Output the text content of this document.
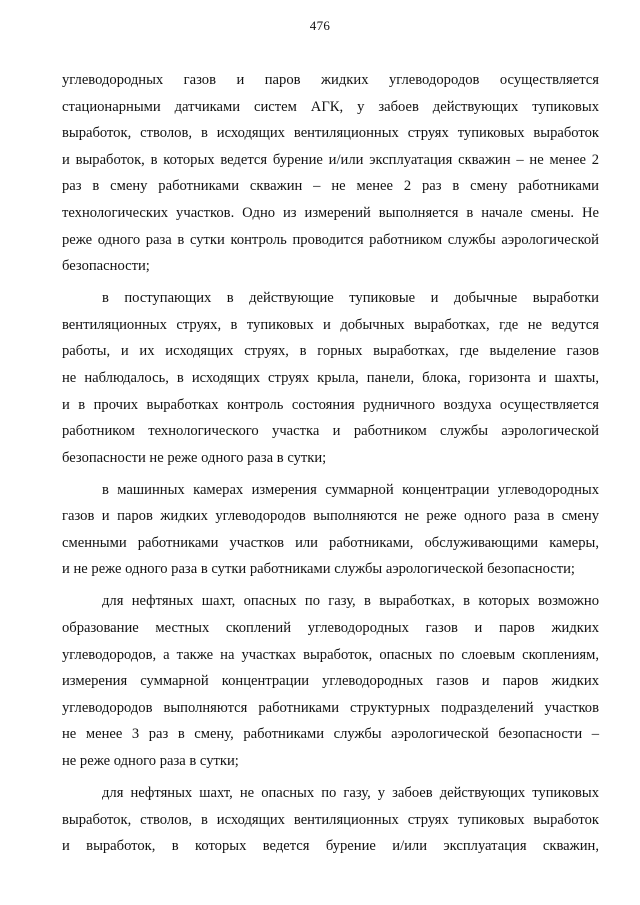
476
углеводородных газов и паров жидких углеводородов осуществляется
стационарными датчиками систем АГК, у забоев действующих тупиковых
выработок, стволов, в исходящих вентиляционных струях тупиковых выработок
и выработок, в которых ведется бурение и/или эксплуатация скважин – не менее 2
раз в смену работниками скважин – не менее 2 раз в смену работниками
технологических участков. Одно из измерений выполняется в начале смены. Не
реже одного раза в сутки контроль проводится работником службы аэрологической
безопасности;
в поступающих в действующие тупиковые и добычные выработки
вентиляционных струях, в тупиковых и добычных выработках, где не ведутся
работы, и их исходящих струях, в горных выработках, где выделение газов
не наблюдалось, в исходящих струях крыла, панели, блока, горизонта и шахты,
и в прочих выработках контроль состояния рудничного воздуха осуществляется
работником технологического участка и работником службы аэрологической
безопасности не реже одного раза в сутки;
в машинных камерах измерения суммарной концентрации углеводородных
газов и паров жидких углеводородов выполняются не реже одного раза в смену
сменными работниками участков или работниками, обслуживающими камеры,
и не реже одного раза в сутки работниками службы аэрологической безопасности;
для нефтяных шахт, опасных по газу, в выработках, в которых возможно
образование местных скоплений углеводородных газов и паров жидких
углеводородов, а также на участках выработок, опасных по слоевым скоплениям,
измерения суммарной концентрации углеводородных газов и паров жидких
углеводородов выполняются работниками структурных подразделений участков
не менее 3 раз в смену, работниками службы аэрологической безопасности –
не реже одного раза в сутки;
для нефтяных шахт, не опасных по газу, у забоев действующих тупиковых
выработок, стволов, в исходящих вентиляционных струях тупиковых выработок
и выработок, в которых ведется бурение и/или эксплуатация скважин,
